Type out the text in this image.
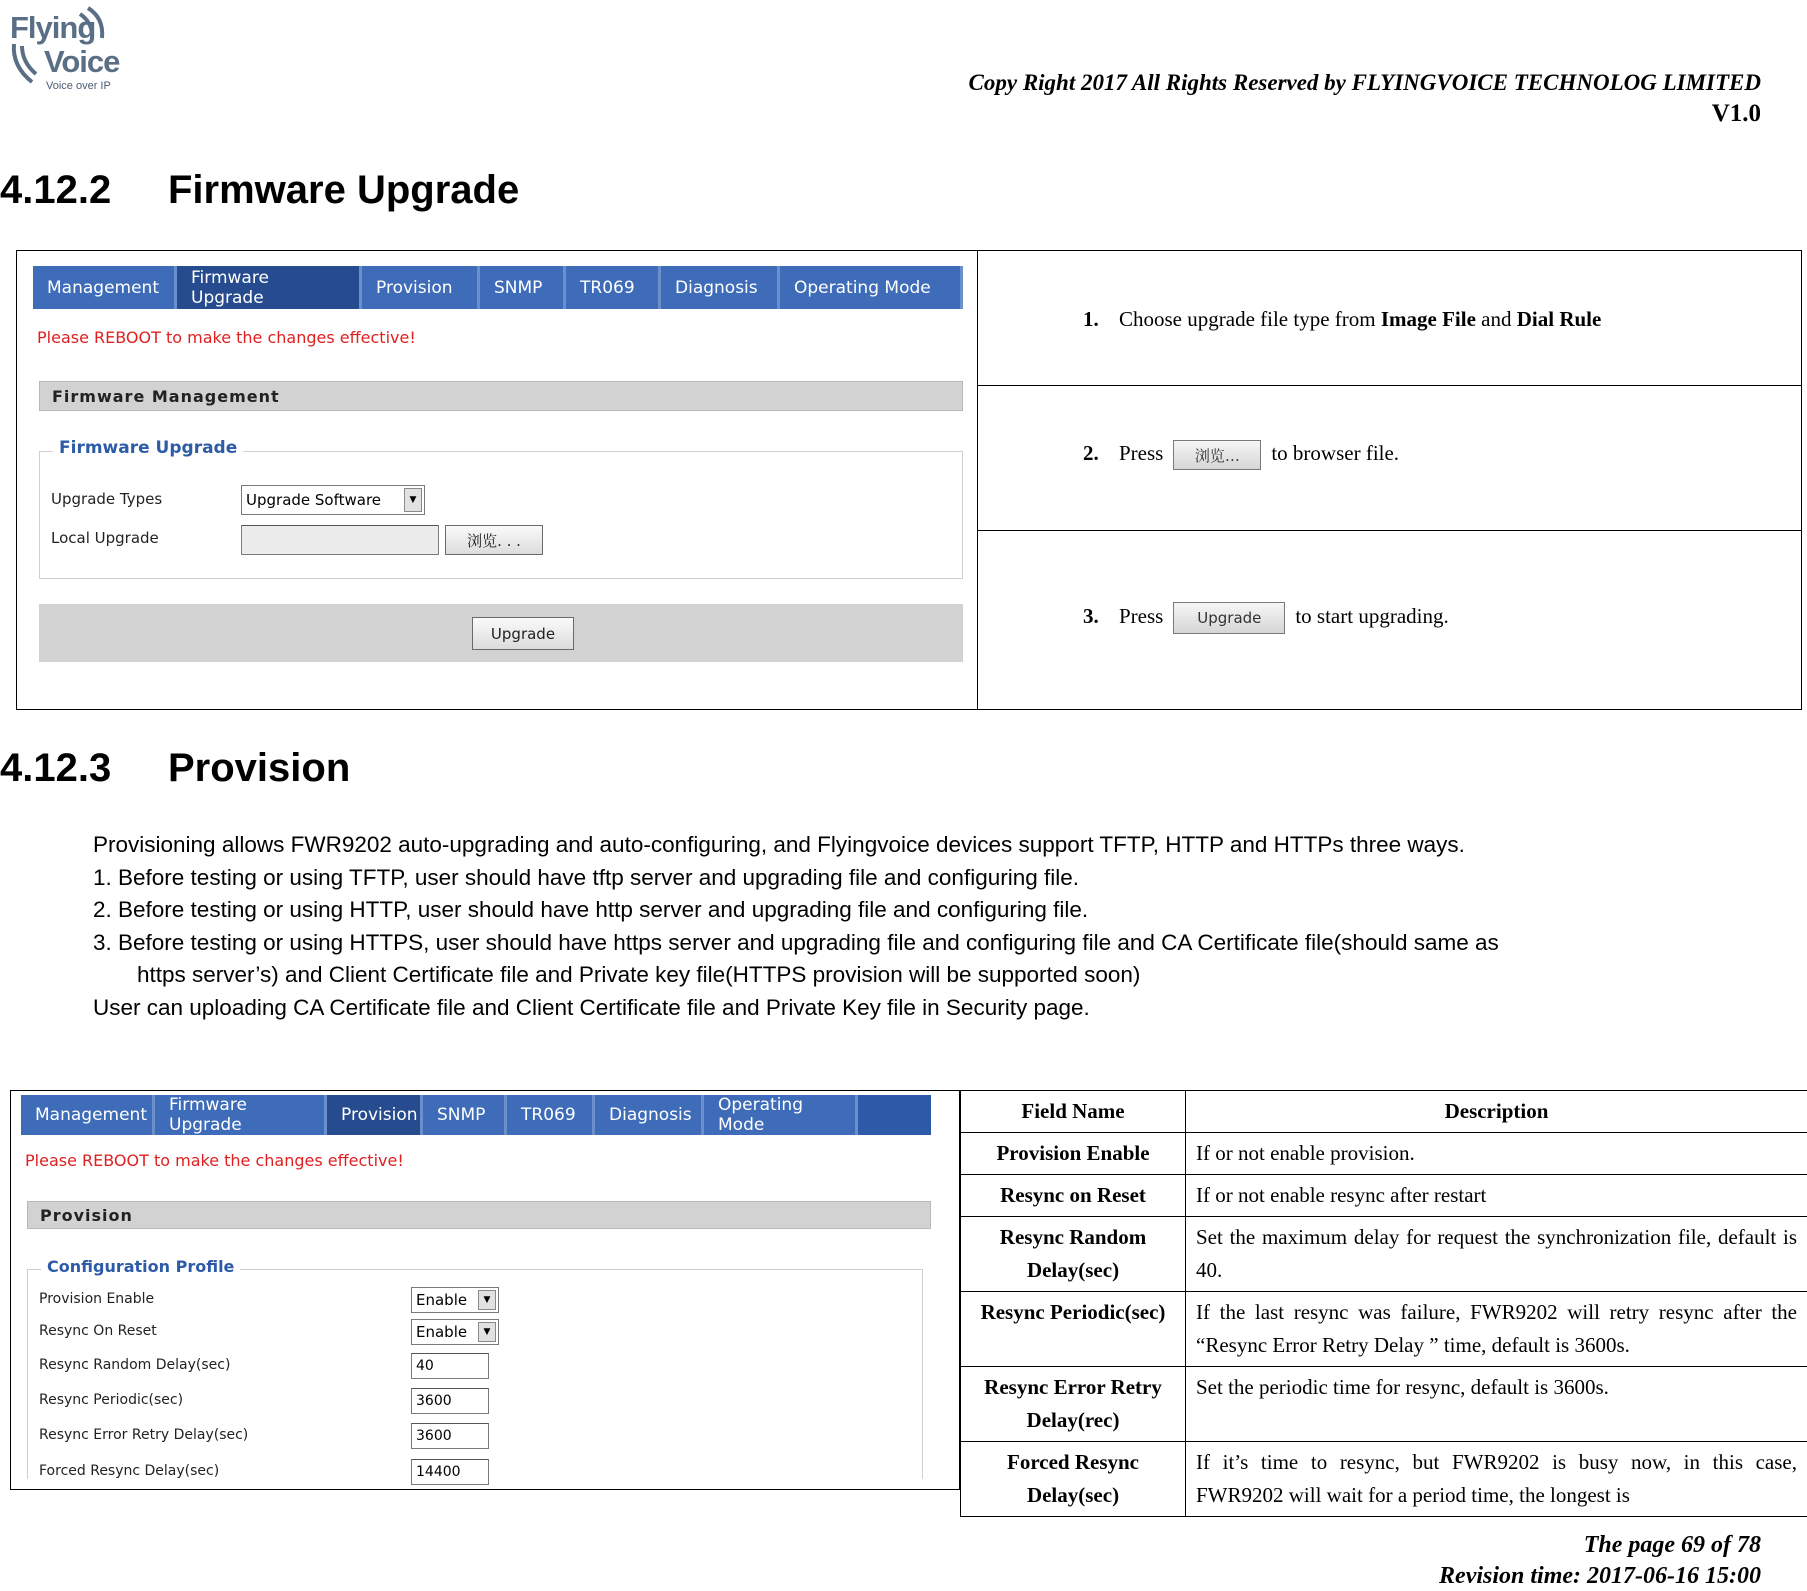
Flying
Voice
Voice over IP	Copy Right 2017 All Rights Reserved by FLYINGVOICE TECHNOLOG LIMITED
V1.0
4.12.2 Firmware Upgrade
Management	Firmware Upgrade	Provision	SNMP	TR069	Diagnosis	Operating Mode
Please REBOOT to make the changes effective!
Firmware Management
Firmware Upgrade
Upgrade Types	Upgrade Software	▼
Local Upgrade	浏览. . .
Upgrade
1. Choose upgrade file type from Image File and Dial Rule
2. Press 浏览… to browser file.
3. Press Upgrade to start upgrading.
4.12.3 Provision
Provisioning allows FWR9202 auto-upgrading and auto-configuring, and Flyingvoice devices support TFTP, HTTP and HTTPs three ways.
1. Before testing or using TFTP, user should have tftp server and upgrading file and configuring file.
2. Before testing or using HTTP, user should have http server and upgrading file and configuring file.
3. Before testing or using HTTPS, user should have https server and upgrading file and configuring file and CA Certificate file(should same as
https server’s) and Client Certificate file and Private key file(HTTPS provision will be supported soon)
User can uploading CA Certificate file and Client Certificate file and Private Key file in Security page.
Management	Firmware Upgrade	Provision	SNMP	TR069	Diagnosis	Operating Mode
Please REBOOT to make the changes effective!
Provision
Configuration Profile
Provision Enable	Enable	▼
Resync On Reset	Enable	▼
Resync Random Delay(sec)	40
Resync Periodic(sec)	3600
Resync Error Retry Delay(sec)	3600
Forced Resync Delay(sec)	14400
Field Name	Description
Provision Enable	If or not enable provision.
Resync on Reset	If or not enable resync after restart
Resync Random Delay(sec)	Set the maximum delay for request the synchronization file, default is 40.
Resync Periodic(sec)	If the last resync was failure, FWR9202 will retry resync after the “Resync Error Retry Delay ” time, default is 3600s.
Resync Error Retry Delay(rec)	Set the periodic time for resync, default is 3600s.
Forced Resync Delay(sec)	If it’s time to resync, but FWR9202 is busy now, in this case, FWR9202 will wait for a period time, the longest is
The page 69 of 78
Revision time: 2017-06-16 15:00
